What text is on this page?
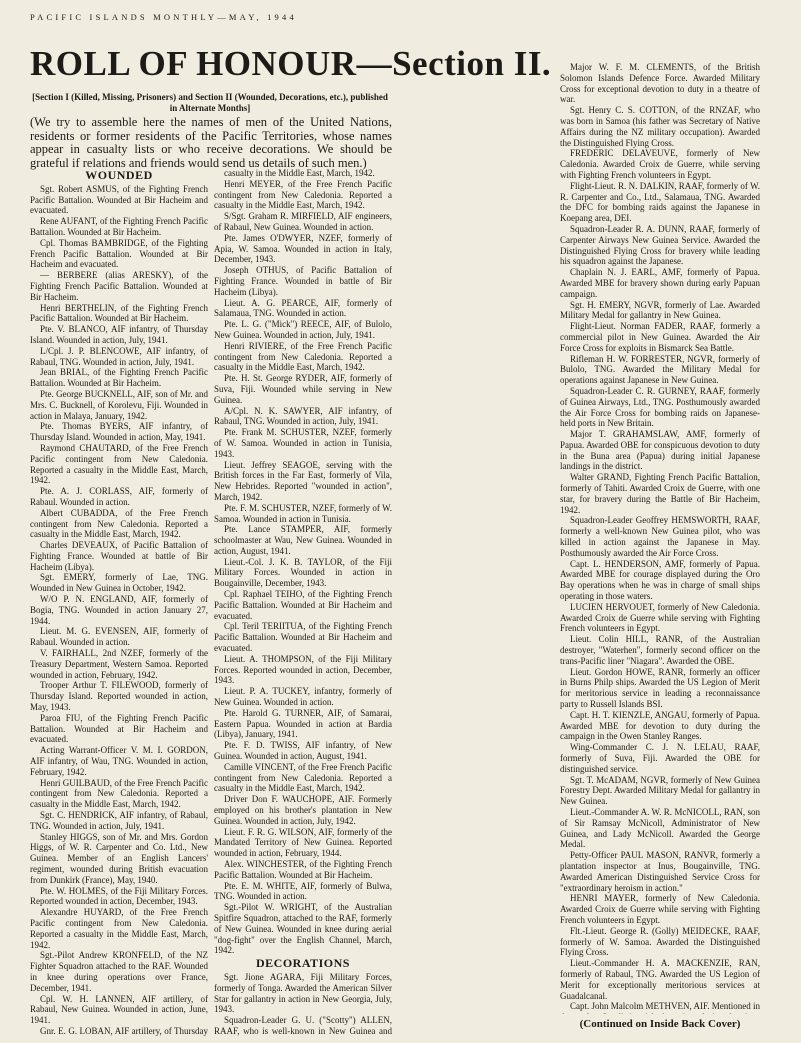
PACIFIC ISLANDS MONTHLY—MAY, 1944
ROLL OF HONOUR—Section II.
[Section I (Killed, Missing, Prisoners) and Section II (Wounded, Decorations, etc.), published in Alternate Months]
(We try to assemble here the names of men of the United Nations, residents or former residents of the Pacific Territories, whose names appear in casualty lists or who receive decorations. We should be grateful if relations and friends would send us details of such men.)
WOUNDED

Sgt. Robert ASMUS, of the Fighting French Pacific Battalion. Wounded at Bir Hacheim and evacuated.

Rene AUFANT, of the Fighting French Pacific Battalion. Wounded at Bir Hacheim.

Cpl. Thomas BAMBRIDGE, of the Fighting French Pacific Battalion. Wounded at Bir Hacheim and evacuated.

— BERBERE (alias ARESKY), of the Fighting French Pacific Battalion. Wounded at Bir Hacheim.

Henri BERTHELIN, of the Fighting French Pacific Battalion. Wounded at Bir Hacheim.

Pte. V. BLANCO, AIF infantry, of Thursday Island. Wounded in action, July, 1941.

L/Cpl. J. P. BLENCOWE, AIF infantry, of Rabaul, TNG. Wounded in action, July, 1941.

Jean BRIAL, of the Fighting French Pacific Battalion. Wounded at Bir Hacheim.

Pte. George BUCKNELL, AIF, son of Mr. and Mrs. C. Bucknell, of Korolevu, Fiji. Wounded in action in Malaya, January, 1942.

Pte. Thomas BYERS, AIF infantry, of Thursday Island. Wounded in action, May, 1941.

Raymond CHAUTARD, of the Free French Pacific contingent from New Caledonia. Reported a casualty in the Middle East, March, 1942.

Pte. A. J. CORLASS, AIF, formerly of Rabaul. Wounded in action.

Albert CUBADDA, of the Free French contingent from New Caledonia. Reported a casualty in the Middle East, March, 1942.

Charles DEVEAUX, of Pacific Battalion of Fighting France. Wounded at battle of Bir Hacheim (Libya).

Sgt. EMERY, formerly of Lae, TNG. Wounded in New Guinea in October, 1942.

W/O P. N. ENGLAND, AIF, formerly of Bogia, TNG. Wounded in action January 27, 1944.

Lieut. M. G. EVENSEN, AIF, formerly of Rabaul. Wounded in action.

V. FAIRHALL, 2nd NZEF, formerly of the Treasury Department, Western Samoa. Reported wounded in action, February, 1942.

Trooper Arthur T. FILEWOOD, formerly of Thursday Island. Reported wounded in action, May, 1943.

Paroa FIU, of the Fighting French Pacific Battalion. Wounded at Bir Hacheim and evacuated.

Acting Warrant-Officer V. M. I. GORDON, AIF infantry, of Wau, TNG. Wounded in action, February, 1942.

Henri GUILBAUD, of the Free French Pacific contingent from New Caledonia. Reported a casualty in the Middle East, March, 1942.

Sgt. C. HENDRICK, AIF infantry, of Rabaul, TNG. Wounded in action, July, 1941.

Stanley HIGGS, son of Mr. and Mrs. Gordon Higgs, of W. R. Carpenter and Co. Ltd., New Guinea. Member of an English Lancers' regiment, wounded during British evacuation from Dunkirk (France), May, 1940.

Pte. W. HOLMES, of the Fiji Military Forces. Reported wounded in action, December, 1943.

Alexandre HUYARD, of the Free French Pacific contingent from New Caledonia. Reported a casualty in the Middle East, March, 1942.

Sgt.-Pilot Andrew KRONFELD, of the NZ Fighter Squadron attached to the RAF. Wounded in knee during operations over France, December, 1941.

Cpl. W. H. LANNEN, AIF artillery, of Rabaul, New Guinea. Wounded in action, June, 1941.

Gnr. E. G. LOBAN, AIF artillery, of Thursday

casualty in the Middle East, March, 1942.

Henri MEYER, of the Free French Pacific contingent from New Caledonia. Reported a casualty in the Middle East, March, 1942.

S/Sgt. Graham R. MIRFIELD, AIF engineers, of Rabaul, New Guinea. Wounded in action.

Pte. James O'DWYER, NZEF, formerly of Apia, W. Samoa. Wounded in action in Italy, December, 1943.

Joseph OTHUS, of Pacific Battalion of Fighting France. Wounded in battle of Bir Hacheim (Libya).

Lieut. A. G. PEARCE, AIF, formerly of Salamaua, TNG. Wounded in action.

Pte. L. G. ("Mick") REECE, AIF, of Bulolo, New Guinea. Wounded in action, July, 1941.

Henri RIVIERE, of the Free French Pacific contingent from New Caledonia. Reported a casualty in the Middle East, March, 1942.

Pte. H. St. George RYDER, AIF, formerly of Suva, Fiji. Wounded while serving in New Guinea.

A/Cpl. N. K. SAWYER, AIF infantry, of Rabaul, TNG. Wounded in action, July, 1941.

Pte. Frank M. SCHUSTER, NZEF, formerly of W. Samoa. Wounded in action in Tunisia, 1943.

Lieut. Jeffrey SEAGOE, serving with the British forces in the Far East, formerly of Vila, New Hebrides. Reported "wounded in action", March, 1942.

Pte. F. M. SCHUSTER, NZEF, formerly of W. Samoa. Wounded in action in Tunisia.

Pte. Lance STAMPER, AIF, formerly schoolmaster at Wau, New Guinea. Wounded in action, August, 1941.

Lieut.-Col. J. K. B. TAYLOR, of the Fiji Military Forces. Wounded in action in Bougainville, December, 1943.

Cpl. Raphael TEIHO, of the Fighting French Pacific Battalion. Wounded at Bir Hacheim and evacuated.

Cpl. Teril TERIITUA, of the Fighting French Pacific Battalion. Wounded at Bir Hacheim and evacuated.

Lieut. A. THOMPSON, of the Fiji Military Forces. Reported wounded in action, December, 1943.

Lieut. P. A. TUCKEY, infantry, formerly of New Guinea. Wounded in action.

Pte. Harold G. TURNER, AIF, of Samarai, Eastern Papua. Wounded in action at Bardia (Libya), January, 1941.

Pte. F. D. TWISS, AIF infantry, of New Guinea. Wounded in action, August, 1941.

Camille VINCENT, of the Free French Pacific contingent from New Caledonia. Reported a casualty in the Middle East, March, 1942.

Driver Don F. WAUCHOPE, AIF. Formerly employed on his brother's plantation in New Guinea. Wounded in action, July, 1942.

Lieut. F. R. G. WILSON, AIF, formerly of the Mandated Territory of New Guinea. Reported wounded in action, February, 1944.

Alex. WINCHESTER, of the Fighting French Pacific Battalion. Wounded at Bir Hacheim.

Pte. E. M. WHITE, AIF, formerly of Bulwa, TNG. Wounded in action.

Sgt.-Pilot W. WRIGHT, of the Australian Spitfire Squadron, attached to the RAF, formerly of New Guinea. Wounded in knee during aerial "dog-fight" over the English Channel, March, 1942.

DECORATIONS

Sgt. Jione AGARA, Fiji Military Forces, formerly of Tonga. Awarded the American Silver Star for gallantry in action in New Georgia, July, 1943.

Squadron-Leader G. U. ("Scotty") ALLEN, RAAF, who is well-known in New Guinea and

Major W. F. M. CLEMENTS, of the British Solomon Islands Defence Force. Awarded Military Cross for exceptional devotion to duty in a theatre of war.

Sgt. Henry C. S. COTTON, of the RNZAF, who was born in Samoa (his father was Secretary of Native Affairs during the NZ military occupation). Awarded the Distinguished Flying Cross.

FREDERIC DELAVEUVE, formerly of New Caledonia. Awarded Croix de Guerre, while serving with Fighting French volunteers in Egypt.

Flight-Lieut. R. N. DALKIN, RAAF, formerly of W. R. Carpenter and Co., Ltd., Salamaua, TNG. Awarded the DFC for bombing raids against the Japanese in Koepang area, DEI.

Squadron-Leader R. A. DUNN, RAAF, formerly of Carpenter Airways New Guinea Service. Awarded the Distinguished Flying Cross for bravery while leading his squadron against the Japanese.

Chaplain N. J. EARL, AMF, formerly of Papua. Awarded MBE for bravery shown during early Papuan campaign.

Sgt. H. EMERY, NGVR, formerly of Lae. Awarded Military Medal for gallantry in New Guinea.

Flight-Lieut. Norman FADER, RAAF, formerly a commercial pilot in New Guinea. Awarded the Air Force Cross for exploits in Bismarck Sea Battle.

Rifleman H. W. FORRESTER, NGVR, formerly of Bulolo, TNG. Awarded the Military Medal for operations against Japanese in New Guinea.

Squadron-Leader C. R. GURNEY, RAAF, formerly of Guinea Airways, Ltd., TNG. Posthumously awarded the Air Force Cross for bombing raids on Japanese-held ports in New Britain.

Major T. GRAHAMSLAW, AMF, formerly of Papua. Awarded OBE for conspicuous devotion to duty in the Buna area (Papua) during initial Japanese landings in the district.

Walter GRAND, Fighting French Pacific Battalion, formerly of Tahiti. Awarded Croix de Guerre, with one star, for bravery during the Battle of Bir Hacheim, 1942.

Squadron-Leader Geoffrey HEMSWORTH, RAAF, formerly a well-known New Guinea pilot, who was killed in action against the Japanese in May. Posthumously awarded the Air Force Cross.

Capt. L. HENDERSON, AMF, formerly of Papua. Awarded MBE for courage displayed during the Oro Bay operations when he was in charge of small ships operating in those waters.

LUCIEN HERVOUET, formerly of New Caledonia. Awarded Croix de Guerre while serving with Fighting French volunteers in Egypt.

Lieut. Colin HILL, RANR, of the Australian destroyer, "Waterhen", formerly second officer on the trans-Pacific liner "Niagara". Awarded the OBE.

Lieut. Gordon HOWE, RANR, formerly an officer in Burns Philp ships. Awarded the US Legion of Merit for meritorious service in leading a reconnaissance party to Russell Islands BSI.

Capt. H. T. KIENZLE, ANGAU, formerly of Papua. Awarded MBE for devotion to duty during the campaign in the Owen Stanley Ranges.

Wing-Commander C. J. N. LELAU, RAAF, formerly of Suva, Fiji. Awarded the OBE for distinguished service.

Sgt. T. McADAM, NGVR, formerly of New Guinea Forestry Dept. Awarded Military Medal for gallantry in New Guinea.

Lieut.-Commander A. W. R. McNICOLL, RAN, son of Sir Ramsay McNicoll, Administrator of New Guinea, and Lady McNicoll. Awarded the George Medal.

Petty-Officer PAUL MASON, RANVR, formerly a plantation inspector at Inus, Bougainville, TNG. Awarded American Distinguished Service Cross for "extraordinary heroism in action."

HENRI MAYER, formerly of New Caledonia. Awarded Croix de Guerre while serving with Fighting French volunteers in Egypt.

Flt.-Lieut. George R. (Golly) MEIDECKE, RAAF, formerly of W. Samoa. Awarded the Distinguished Flying Cross.

Lieut.-Commander H. A. MACKENZIE, RAN, formerly of Rabaul, TNG. Awarded the US Legion of Merit for exceptionally meritorious services at Guadalcanal.

Capt. John Malcolm METHVEN, AIF. Mentioned in

(Continued on Inside Back Cover)
